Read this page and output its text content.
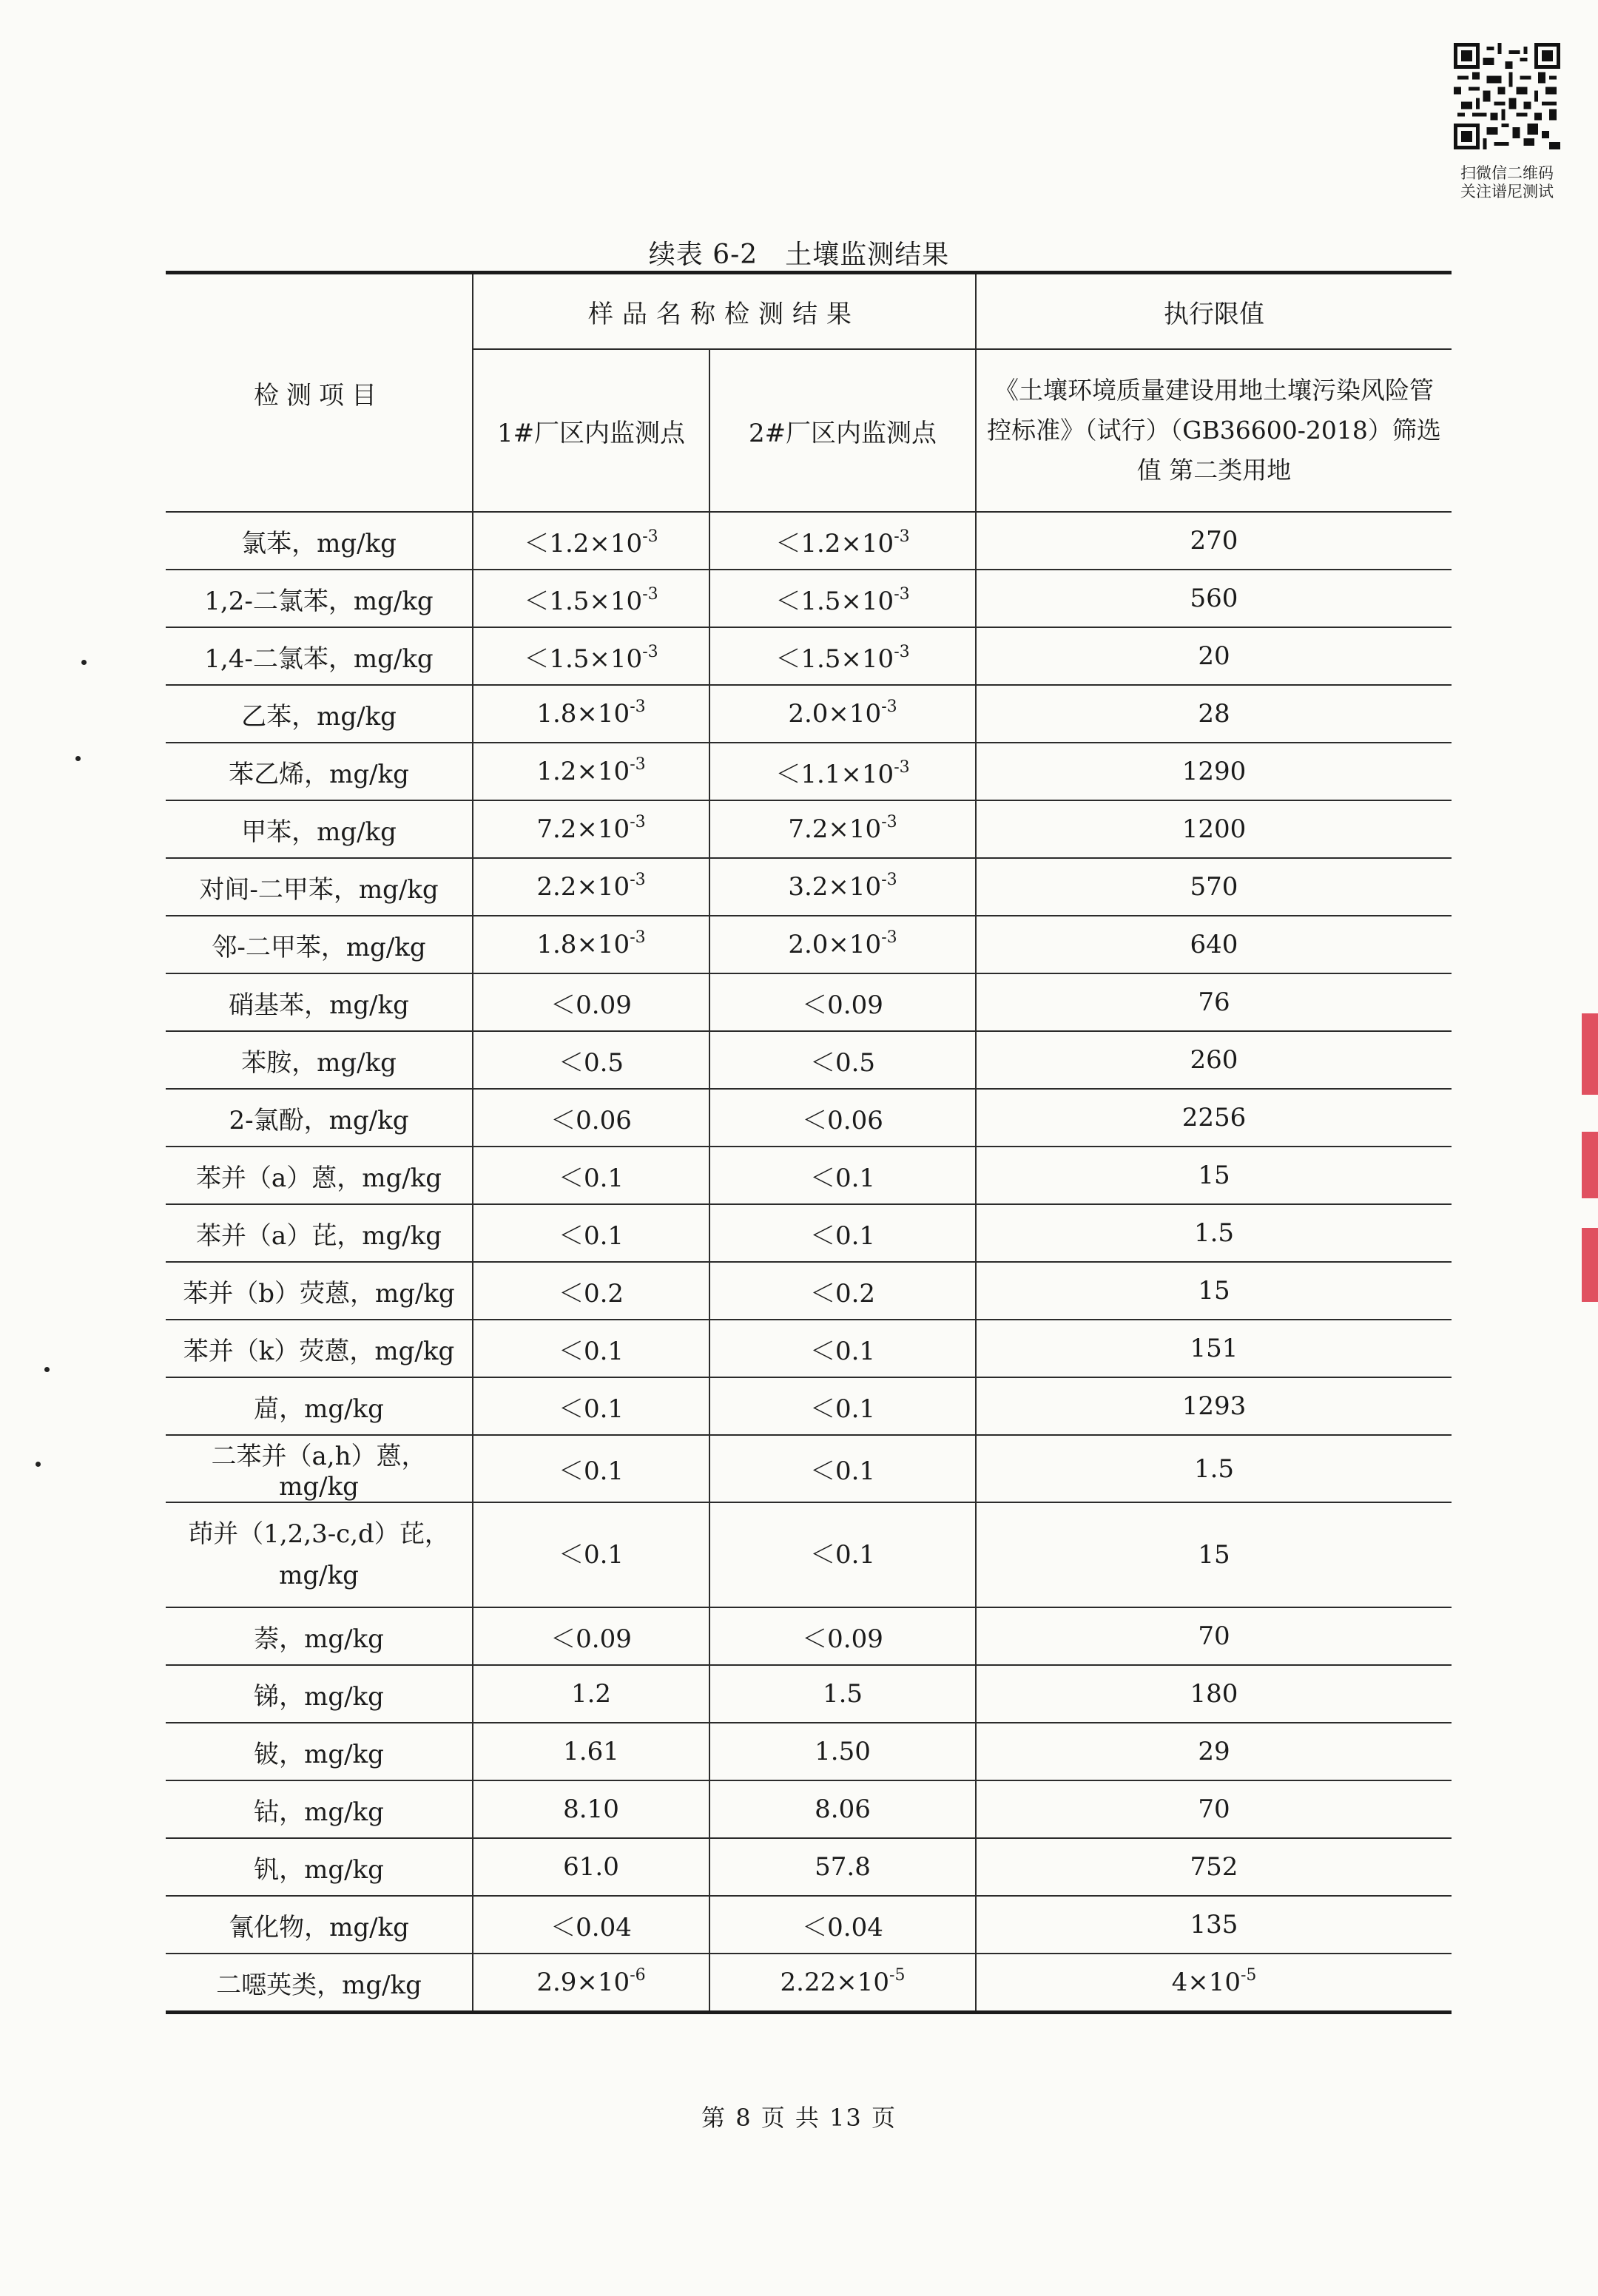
扫微信二维码
关注谱尼测试
续表 6-2　土壤监测结果
检测项目	样品名称检测结果		执行限值
	1#厂区内监测点	2#厂区内监测点	《土壤环境质量建设用地土壤污染风险管控标准》（试行）（GB36600-2018）筛选值 第二类用地
氯苯，mg/kg	$<1.2\times 10^{-3}$	$<1.2\times 10^{-3}$	270
1,2-二氯苯，mg/kg	$<1.5\times 10^{-3}$	$<1.5\times 10^{-3}$	560
1,4-二氯苯，mg/kg	$<1.5\times 10^{-3}$	$<1.5\times 10^{-3}$	20
乙苯，mg/kg	$1.8\times 10^{-3}$	$2.0\times 10^{-3}$	28
苯乙烯，mg/kg	$1.2\times 10^{-3}$	$<1.1\times 10^{-3}$	1290
甲苯，mg/kg	$7.2\times 10^{-3}$	$7.2\times 10^{-3}$	1200
对间-二甲苯，mg/kg	$2.2\times 10^{-3}$	$3.2\times 10^{-3}$	570
邻-二甲苯，mg/kg	$1.8\times 10^{-3}$	$2.0\times 10^{-3}$	640
硝基苯，mg/kg	＜0.09	＜0.09	76
苯胺，mg/kg	＜0.5	＜0.5	260
2-氯酚，mg/kg	＜0.06	＜0.06	2256
苯并（a）蒽，mg/kg	＜0.1	＜0.1	15
苯并（a）芘，mg/kg	＜0.1	＜0.1	1.5
苯并（b）荧蒽，mg/kg	＜0.2	＜0.2	15
苯并（k）荧蒽，mg/kg	＜0.1	＜0.1	151
䓛，mg/kg	＜0.1	＜0.1	1293
二苯并（a,h）蒽，mg/kg	＜0.1	＜0.1	1.5
茚并（1,2,3-c,d）芘，mg/kg	＜0.1	＜0.1	15
萘，mg/kg	＜0.09	＜0.09	70
锑，mg/kg	1.2	1.5	180
铍，mg/kg	1.61	1.50	29
钴，mg/kg	8.10	8.06	70
钒，mg/kg	61.0	57.8	752
氰化物，mg/kg	＜0.04	＜0.04	135
二噁英类，mg/kg	$2.9\times 10^{-6}$	$2.22\times 10^{-5}$	$4\times 10^{-5}$
第 8 页 共 13 页
